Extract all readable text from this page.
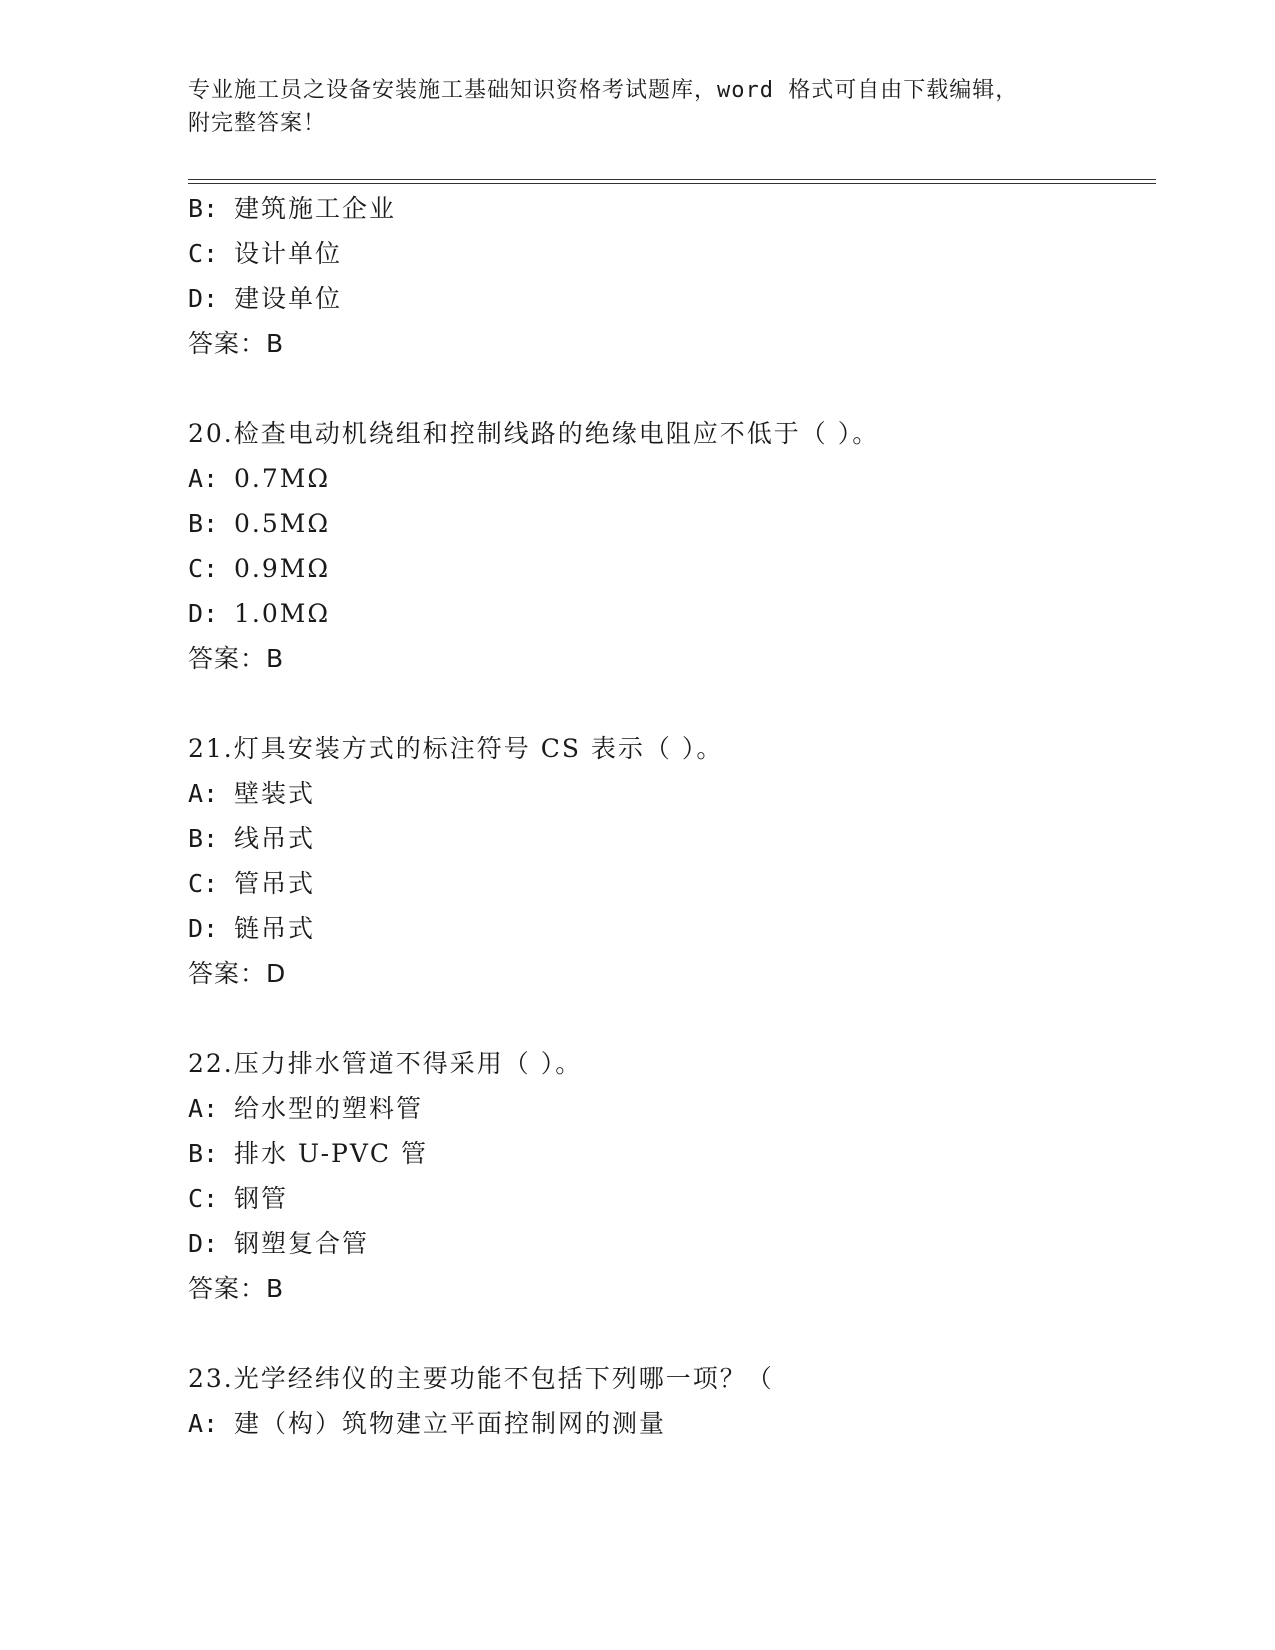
专业施工员之设备安装施工基础知识资格考试题库，word 格式可自由下载编辑，
附完整答案！
B: 建筑施工企业
C: 设计单位
D: 建设单位
答案：B
20.检查电动机绕组和控制线路的绝缘电阻应不低于（ ）。
A: 0.7MΩ
B: 0.5MΩ
C: 0.9MΩ
D: 1.0MΩ
答案：B
21.灯具安装方式的标注符号 CS 表示（ ）。
A: 壁装式
B: 线吊式
C: 管吊式
D: 链吊式
答案：D
22.压力排水管道不得采用（ ）。
A: 给水型的塑料管
B: 排水 U-PVC 管
C: 钢管
D: 钢塑复合管
答案：B
23.光学经纬仪的主要功能不包括下列哪一项？（
A: 建（构）筑物建立平面控制网的测量
